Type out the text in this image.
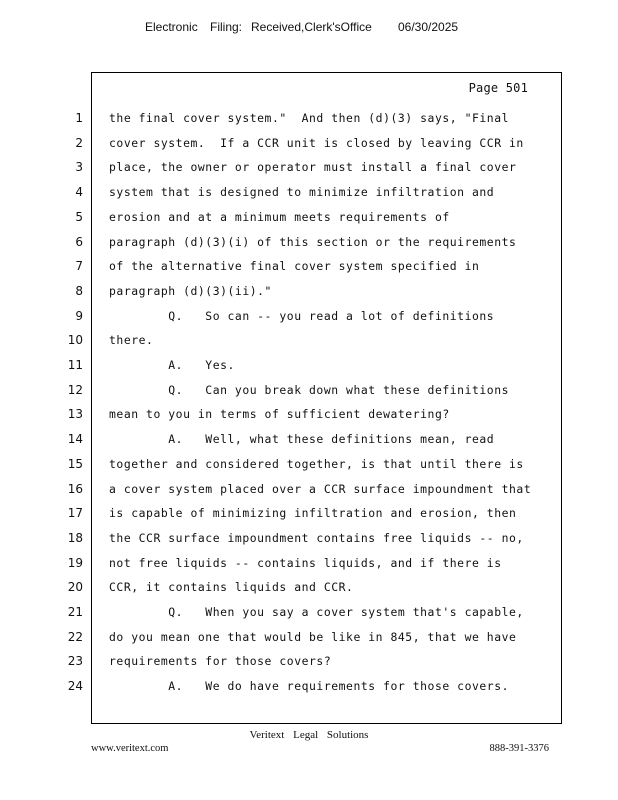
Electronic Filing: Received,Clerk'sOffice 06/30/2025
Page 501
1 the final cover system."  And then (d)(3) says, "Final
2 cover system.  If a CCR unit is closed by leaving CCR in
3 place, the owner or operator must install a final cover
4 system that is designed to minimize infiltration and
5 erosion and at a minimum meets requirements of
6 paragraph (d)(3)(i) of this section or the requirements
7 of the alternative final cover system specified in
8 paragraph (d)(3)(ii)."
9 Q.   So can -- you read a lot of definitions
10 there.
11 A.   Yes.
12 Q.   Can you break down what these definitions
13 mean to you in terms of sufficient dewatering?
14 A.   Well, what these definitions mean, read
15 together and considered together, is that until there is
16 a cover system placed over a CCR surface impoundment that
17 is capable of minimizing infiltration and erosion, then
18 the CCR surface impoundment contains free liquids -- no,
19 not free liquids -- contains liquids, and if there is
20 CCR, it contains liquids and CCR.
21 Q.   When you say a cover system that's capable,
22 do you mean one that would be like in 845, that we have
23 requirements for those covers?
24 A.   We do have requirements for those covers.
Veritext Legal Solutions
www.veritext.com	888-391-3376
